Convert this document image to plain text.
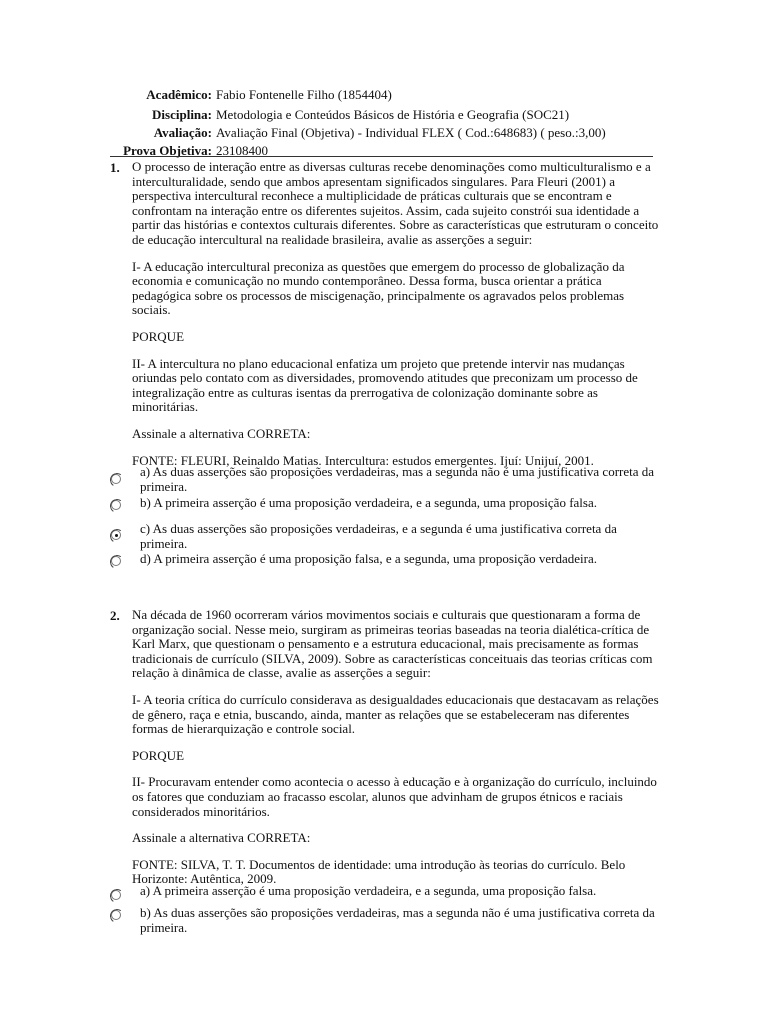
Acadêmico: Fabio Fontenelle Filho (1854404)
Disciplina: Metodologia e Conteúdos Básicos de História e Geografia (SOC21)
Avaliação: Avaliação Final (Objetiva) - Individual FLEX ( Cod.:648683) ( peso.:3,00)
Prova Objetiva: 23108400
1. O processo de interação entre as diversas culturas recebe denominações como multiculturalismo e a interculturalidade, sendo que ambos apresentam significados singulares. Para Fleuri (2001) a perspectiva intercultural reconhece a multiplicidade de práticas culturais que se encontram e confrontam na interação entre os diferentes sujeitos. Assim, cada sujeito constrói sua identidade a partir das histórias e contextos culturais diferentes. Sobre as características que estruturam o conceito de educação intercultural na realidade brasileira, avalie as asserções a seguir:

I- A educação intercultural preconiza as questões que emergem do processo de globalização da economia e comunicação no mundo contemporâneo. Dessa forma, busca orientar a prática pedagógica sobre os processos de miscigenação, principalmente os agravados pelos problemas sociais.

PORQUE

II- A intercultura no plano educacional enfatiza um projeto que pretende intervir nas mudanças oriundas pelo contato com as diversidades, promovendo atitudes que preconizam um processo de integralização entre as culturas isentas da prerrogativa de colonização dominante sobre as minoritárias.

Assinale a alternativa CORRETA:

FONTE: FLEURI, Reinaldo Matias. Intercultura: estudos emergentes. Ijuí: Unijuí, 2001.

a) As duas asserções são proposições verdadeiras, mas a segunda não é uma justificativa correta da primeira.
b) A primeira asserção é uma proposição verdadeira, e a segunda, uma proposição falsa.
c) As duas asserções são proposições verdadeiras, e a segunda é uma justificativa correta da primeira.
d) A primeira asserção é uma proposição falsa, e a segunda, uma proposição verdadeira.
2. Na década de 1960 ocorreram vários movimentos sociais e culturais que questionaram a forma de organização social. Nesse meio, surgiram as primeiras teorias baseadas na teoria dialética-crítica de Karl Marx, que questionam o pensamento e a estrutura educacional, mais precisamente as formas tradicionais de currículo (SILVA, 2009). Sobre as características conceituais das teorias críticas com relação à dinâmica de classe, avalie as asserções a seguir:

I- A teoria crítica do currículo considerava as desigualdades educacionais que destacavam as relações de gênero, raça e etnia, buscando, ainda, manter as relações que se estabeleceram nas diferentes formas de hierarquização e controle social.

PORQUE

II- Procuravam entender como acontecia o acesso à educação e à organização do currículo, incluindo os fatores que conduziam ao fracasso escolar, alunos que advinham de grupos étnicos e raciais considerados minoritários.

Assinale a alternativa CORRETA:

FONTE: SILVA, T. T. Documentos de identidade: uma introdução às teorias do currículo. Belo Horizonte: Autêntica, 2009.

a) A primeira asserção é uma proposição verdadeira, e a segunda, uma proposição falsa.
b) As duas asserções são proposições verdadeiras, mas a segunda não é uma justificativa correta da primeira.
